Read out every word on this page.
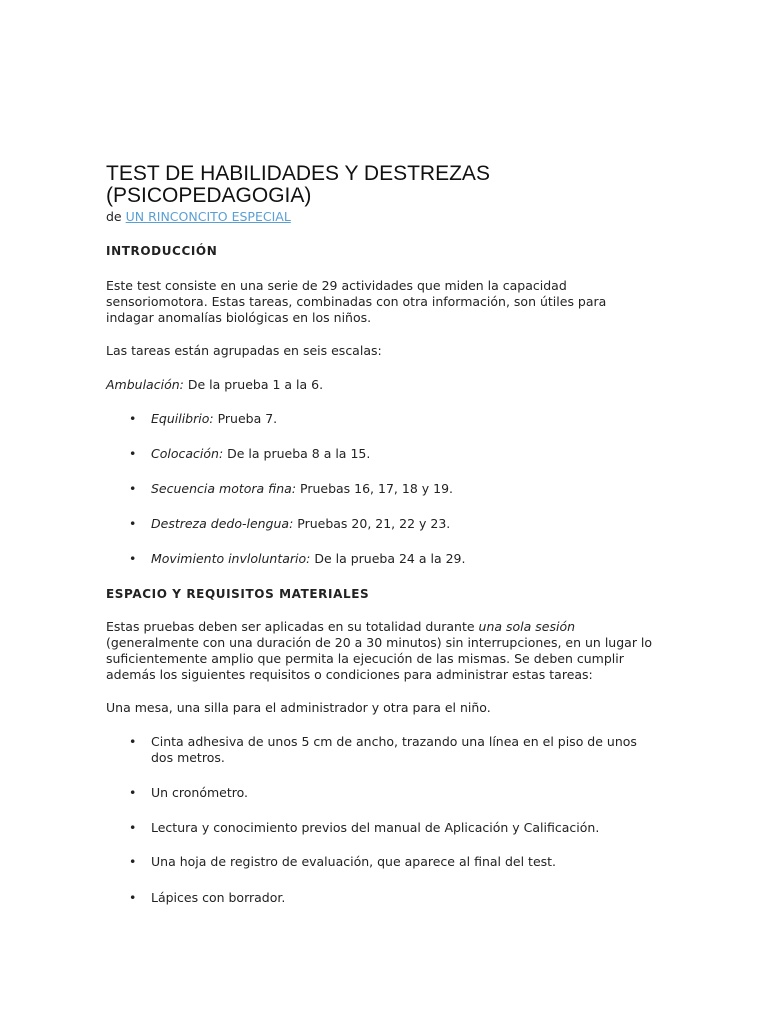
TEST DE HABILIDADES Y DESTREZAS
(PSICOPEDAGOGIA)
de UN RINCONCITO ESPECIAL
INTRODUCCIÓN
Este test consiste en una serie de 29 actividades que miden la capacidad
sensoriomotora. Estas tareas, combinadas con otra información, son útiles para
indagar anomalías biológicas en los niños.
Las tareas están agrupadas en seis escalas:
Ambulación: De la prueba 1 a la 6.
• Equilibrio: Prueba 7.
• Colocación: De la prueba 8 a la 15.
• Secuencia motora fina: Pruebas 16, 17, 18 y 19.
• Destreza dedo-lengua: Pruebas 20, 21, 22 y 23.
• Movimiento invloluntario: De la prueba 24 a la 29.
ESPACIO Y REQUISITOS MATERIALES
Estas pruebas deben ser aplicadas en su totalidad durante una sola sesión
(generalmente con una duración de 20 a 30 minutos) sin interrupciones, en un lugar lo
suficientemente amplio que permita la ejecución de las mismas. Se deben cumplir
además los siguientes requisitos o condiciones para administrar estas tareas:
Una mesa, una silla para el administrador y otra para el niño.
• Cinta adhesiva de unos 5 cm de ancho, trazando una línea en el piso de unos
dos metros.
• Un cronómetro.
• Lectura y conocimiento previos del manual de Aplicación y Calificación.
• Una hoja de registro de evaluación, que aparece al final del test.
• Lápices con borrador.
